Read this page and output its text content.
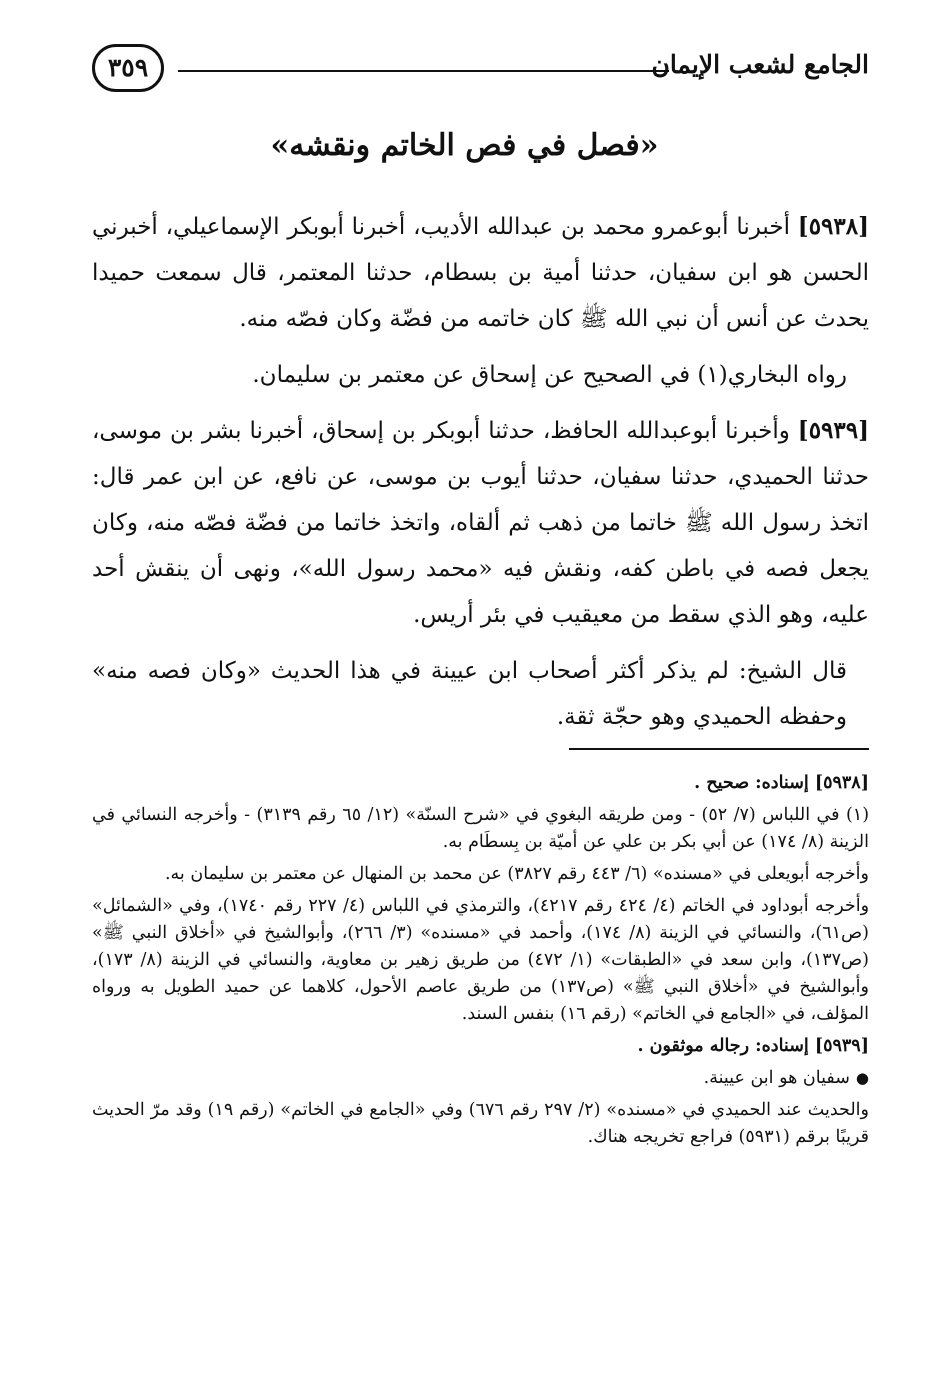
الجامع لشعب الإيمان
٣٥٩
«فصل في فص الخاتم ونقشه»

[٥٩٣٨] أخبرنا أبوعمرو محمد بن عبدالله الأديب، أخبرنا أبوبكر الإسماعيلي، أخبرني الحسن هو ابن سفيان، حدثنا أمية بن بسطام، حدثنا المعتمر، قال سمعت حميدا يحدث عن أنس أن نبي الله ﷺ كان خاتمه من فضّة وكان فصّه منه.

رواه البخاري(١) في الصحيح عن إسحاق عن معتمر بن سليمان.

[٥٩٣٩] وأخبرنا أبوعبدالله الحافظ، حدثنا أبوبكر بن إسحاق، أخبرنا بشر بن موسى، حدثنا الحميدي، حدثنا سفيان، حدثنا أيوب بن موسى، عن نافع، عن ابن عمر قال: اتخذ رسول الله ﷺ خاتما من ذهب ثم ألقاه، واتخذ خاتما من فضّة فصّه منه، وكان يجعل فصه في باطن كفه، ونقش فيه «محمد رسول الله»، ونهى أن ينقش أحد عليه، وهو الذي سقط من معيقيب في بئر أريس.

قال الشيخ: لم يذكر أكثر أصحاب ابن عيينة في هذا الحديث «وكان فصه منه» وحفظه الحميدي وهو حجّة ثقة.

[٥٩٣٨] إسناده: صحيح .

(١) في اللباس (٧/ ٥٢) - ومن طريقه البغوي في «شرح السنّة» (١٢/ ٦٥ رقم ٣١٣٩) - وأخرجه النسائي في الزينة (٨/ ١٧٤) عن أبي بكر بن علي عن أميّة بن بِسطَام به.

وأخرجه أبويعلى في «مسنده» (٦/ ٤٤٣ رقم ٣٨٢٧) عن محمد بن المنهال عن معتمر بن سليمان به.

وأخرجه أبوداود في الخاتم (٤/ ٤٢٤ رقم ٤٢١٧)، والترمذي في اللباس (٤/ ٢٢٧ رقم ١٧٤٠)، وفي «الشمائل» (ص٦١)، والنسائي في الزينة (٨/ ١٧٤)، وأحمد في «مسنده» (٣/ ٢٦٦)، وأبوالشيخ في «أخلاق النبي ﷺ» (ص١٣٧)، وابن سعد في «الطبقات» (١/ ٤٧٢) من طريق زهير بن معاوية، والنسائي في الزينة (٨/ ١٧٣)، وأبوالشيخ في «أخلاق النبي ﷺ» (ص١٣٧) من طريق عاصم الأحول، كلاهما عن حميد الطويل به ورواه المؤلف، في «الجامع في الخاتم» (رقم ١٦) بنفس السند.

[٥٩٣٩] إسناده: رجاله موثقون .

●سفيان هو ابن عيينة.

والحديث عند الحميدي في «مسنده» (٢/ ٢٩٧ رقم ٦٧٦) وفي «الجامع في الخاتم» (رقم ١٩) وقد مرّ الحديث قريبًا برقم (٥٩٣١) فراجع تخريجه هناك.
